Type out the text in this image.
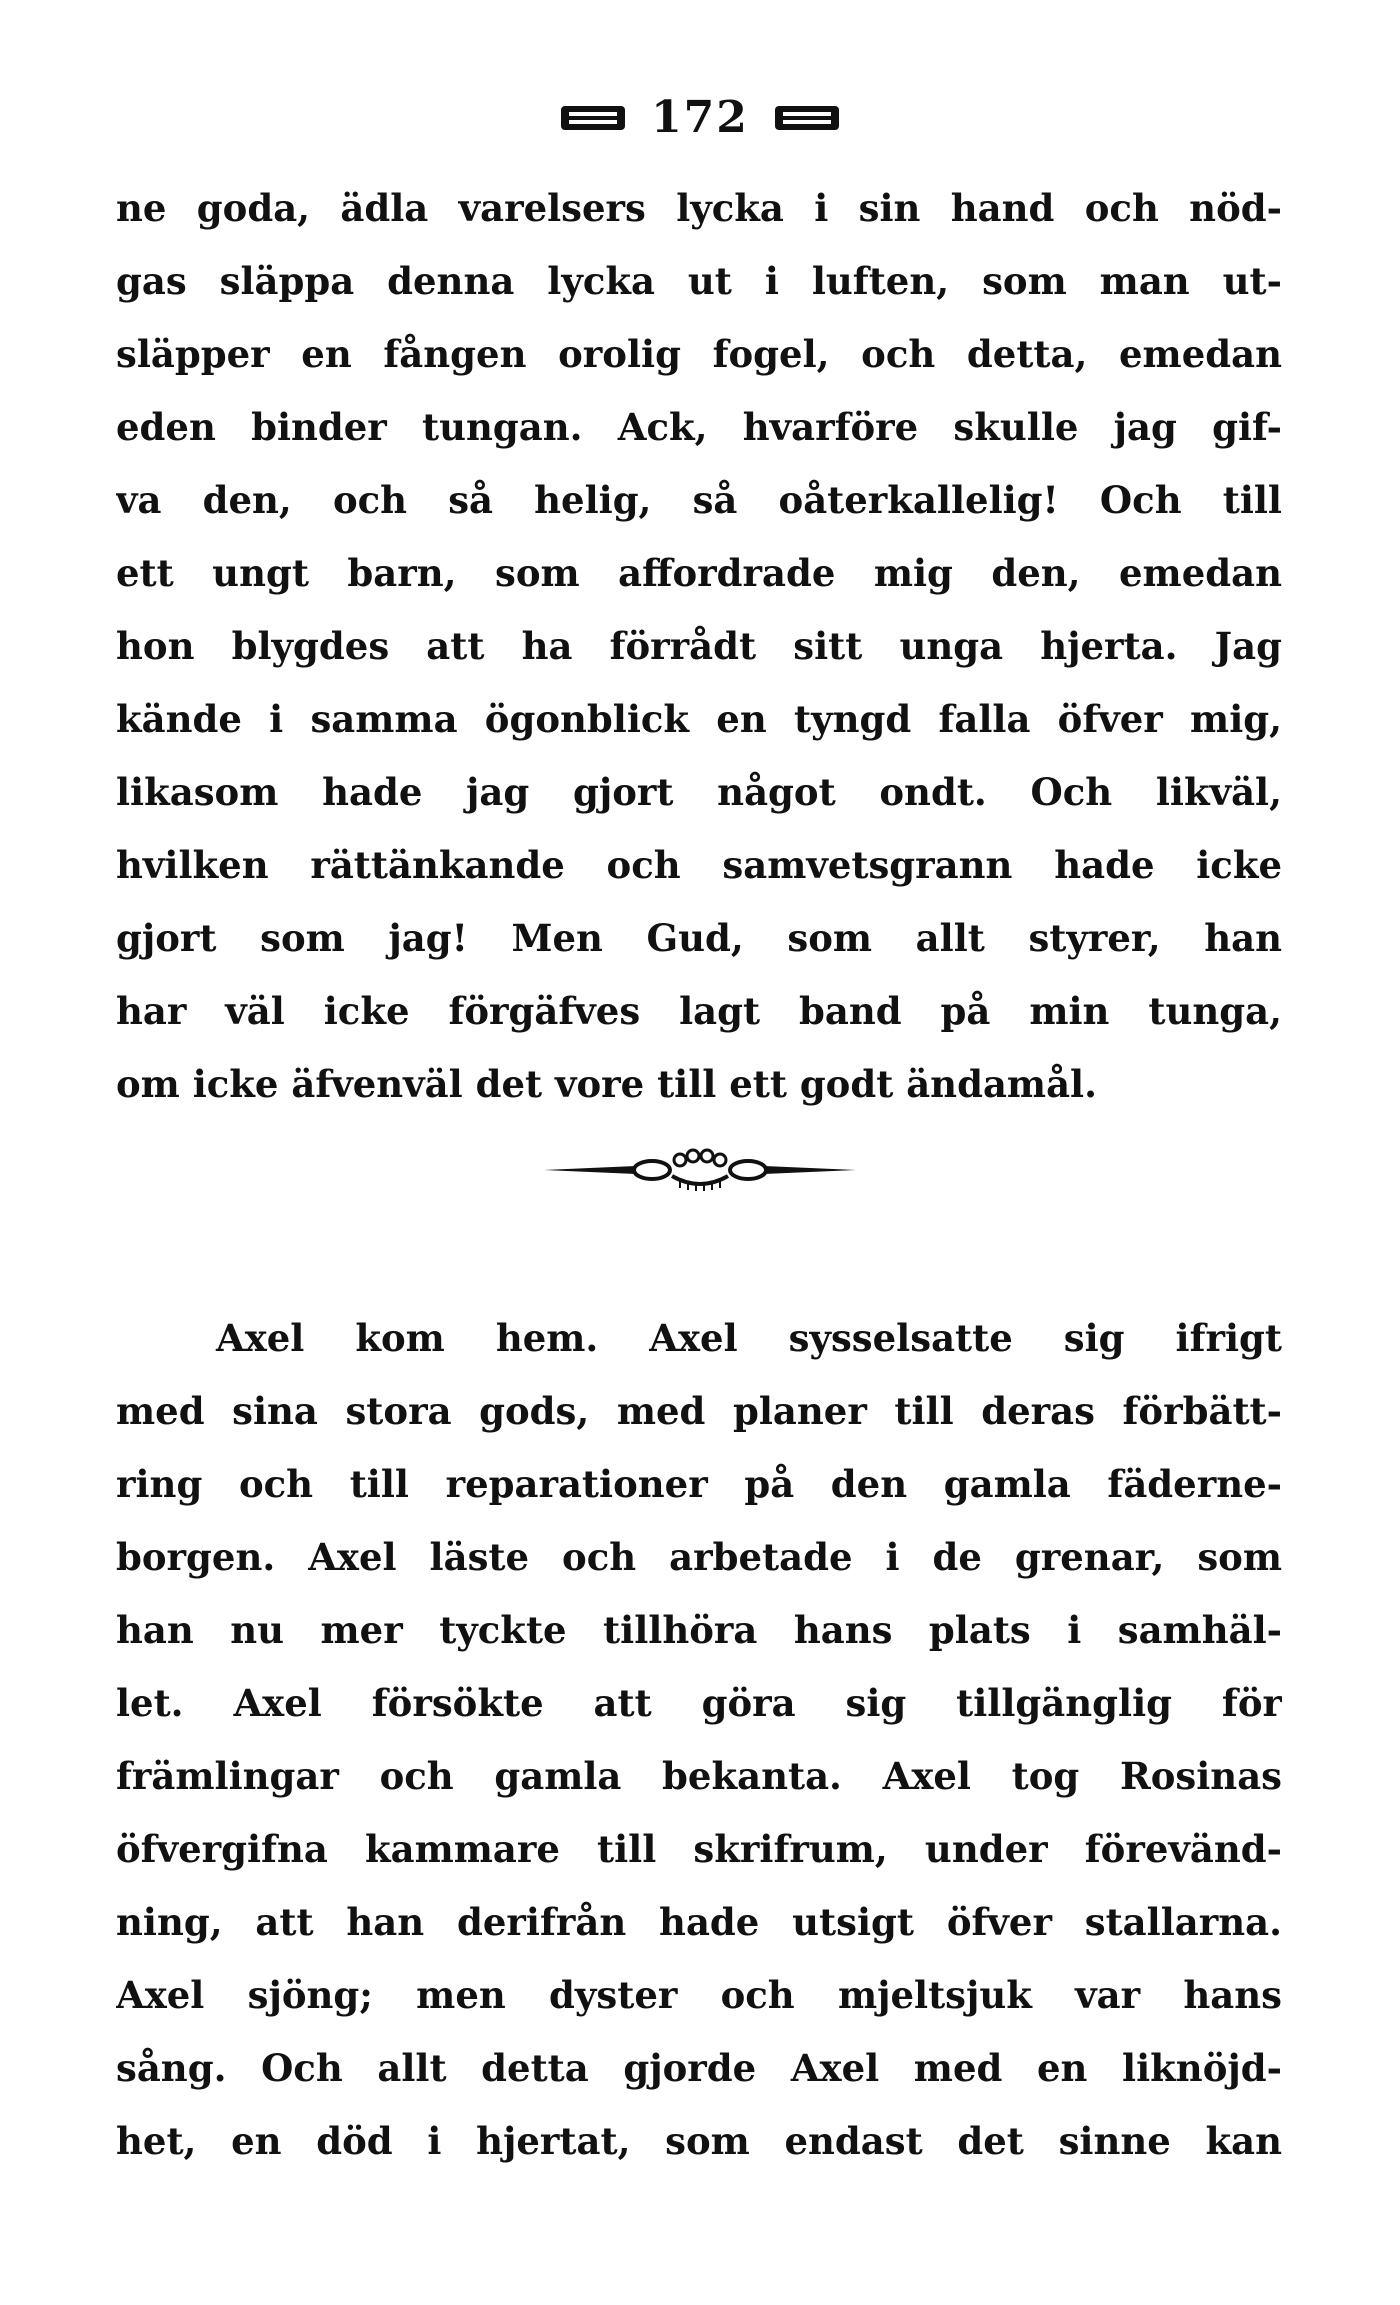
172
ne goda, ädla varelsers lycka i sin hand och nöd-
gas släppa denna lycka ut i luften, som man ut-
släpper en fången orolig fogel, och detta, emedan
eden binder tungan. Ack, hvarföre skulle jag gif-
va den, och så helig, så oåterkallelig! Och till
ett ungt barn, som affordrade mig den, emedan
hon blygdes att ha förrådt sitt unga hjerta. Jag
kände i samma ögonblick en tyngd falla öfver mig,
likasom hade jag gjort något ondt. Och likväl,
hvilken rättänkande och samvetsgrann hade icke
gjort som jag! Men Gud, som allt styrer, han
har väl icke förgäfves lagt band på min tunga,
om icke äfvenväl det vore till ett godt ändamål.
Axel kom hem. Axel sysselsatte sig ifrigt
med sina stora gods, med planer till deras förbätt-
ring och till reparationer på den gamla fäderne-
borgen. Axel läste och arbetade i de grenar, som
han nu mer tyckte tillhöra hans plats i samhäl-
let. Axel försökte att göra sig tillgänglig för
främlingar och gamla bekanta. Axel tog Rosinas
öfvergifna kammare till skrifrum, under förevänd-
ning, att han derifrån hade utsigt öfver stallarna.
Axel sjöng; men dyster och mjeltsjuk var hans
sång. Och allt detta gjorde Axel med en liknöjd-
het, en död i hjertat, som endast det sinne kan
